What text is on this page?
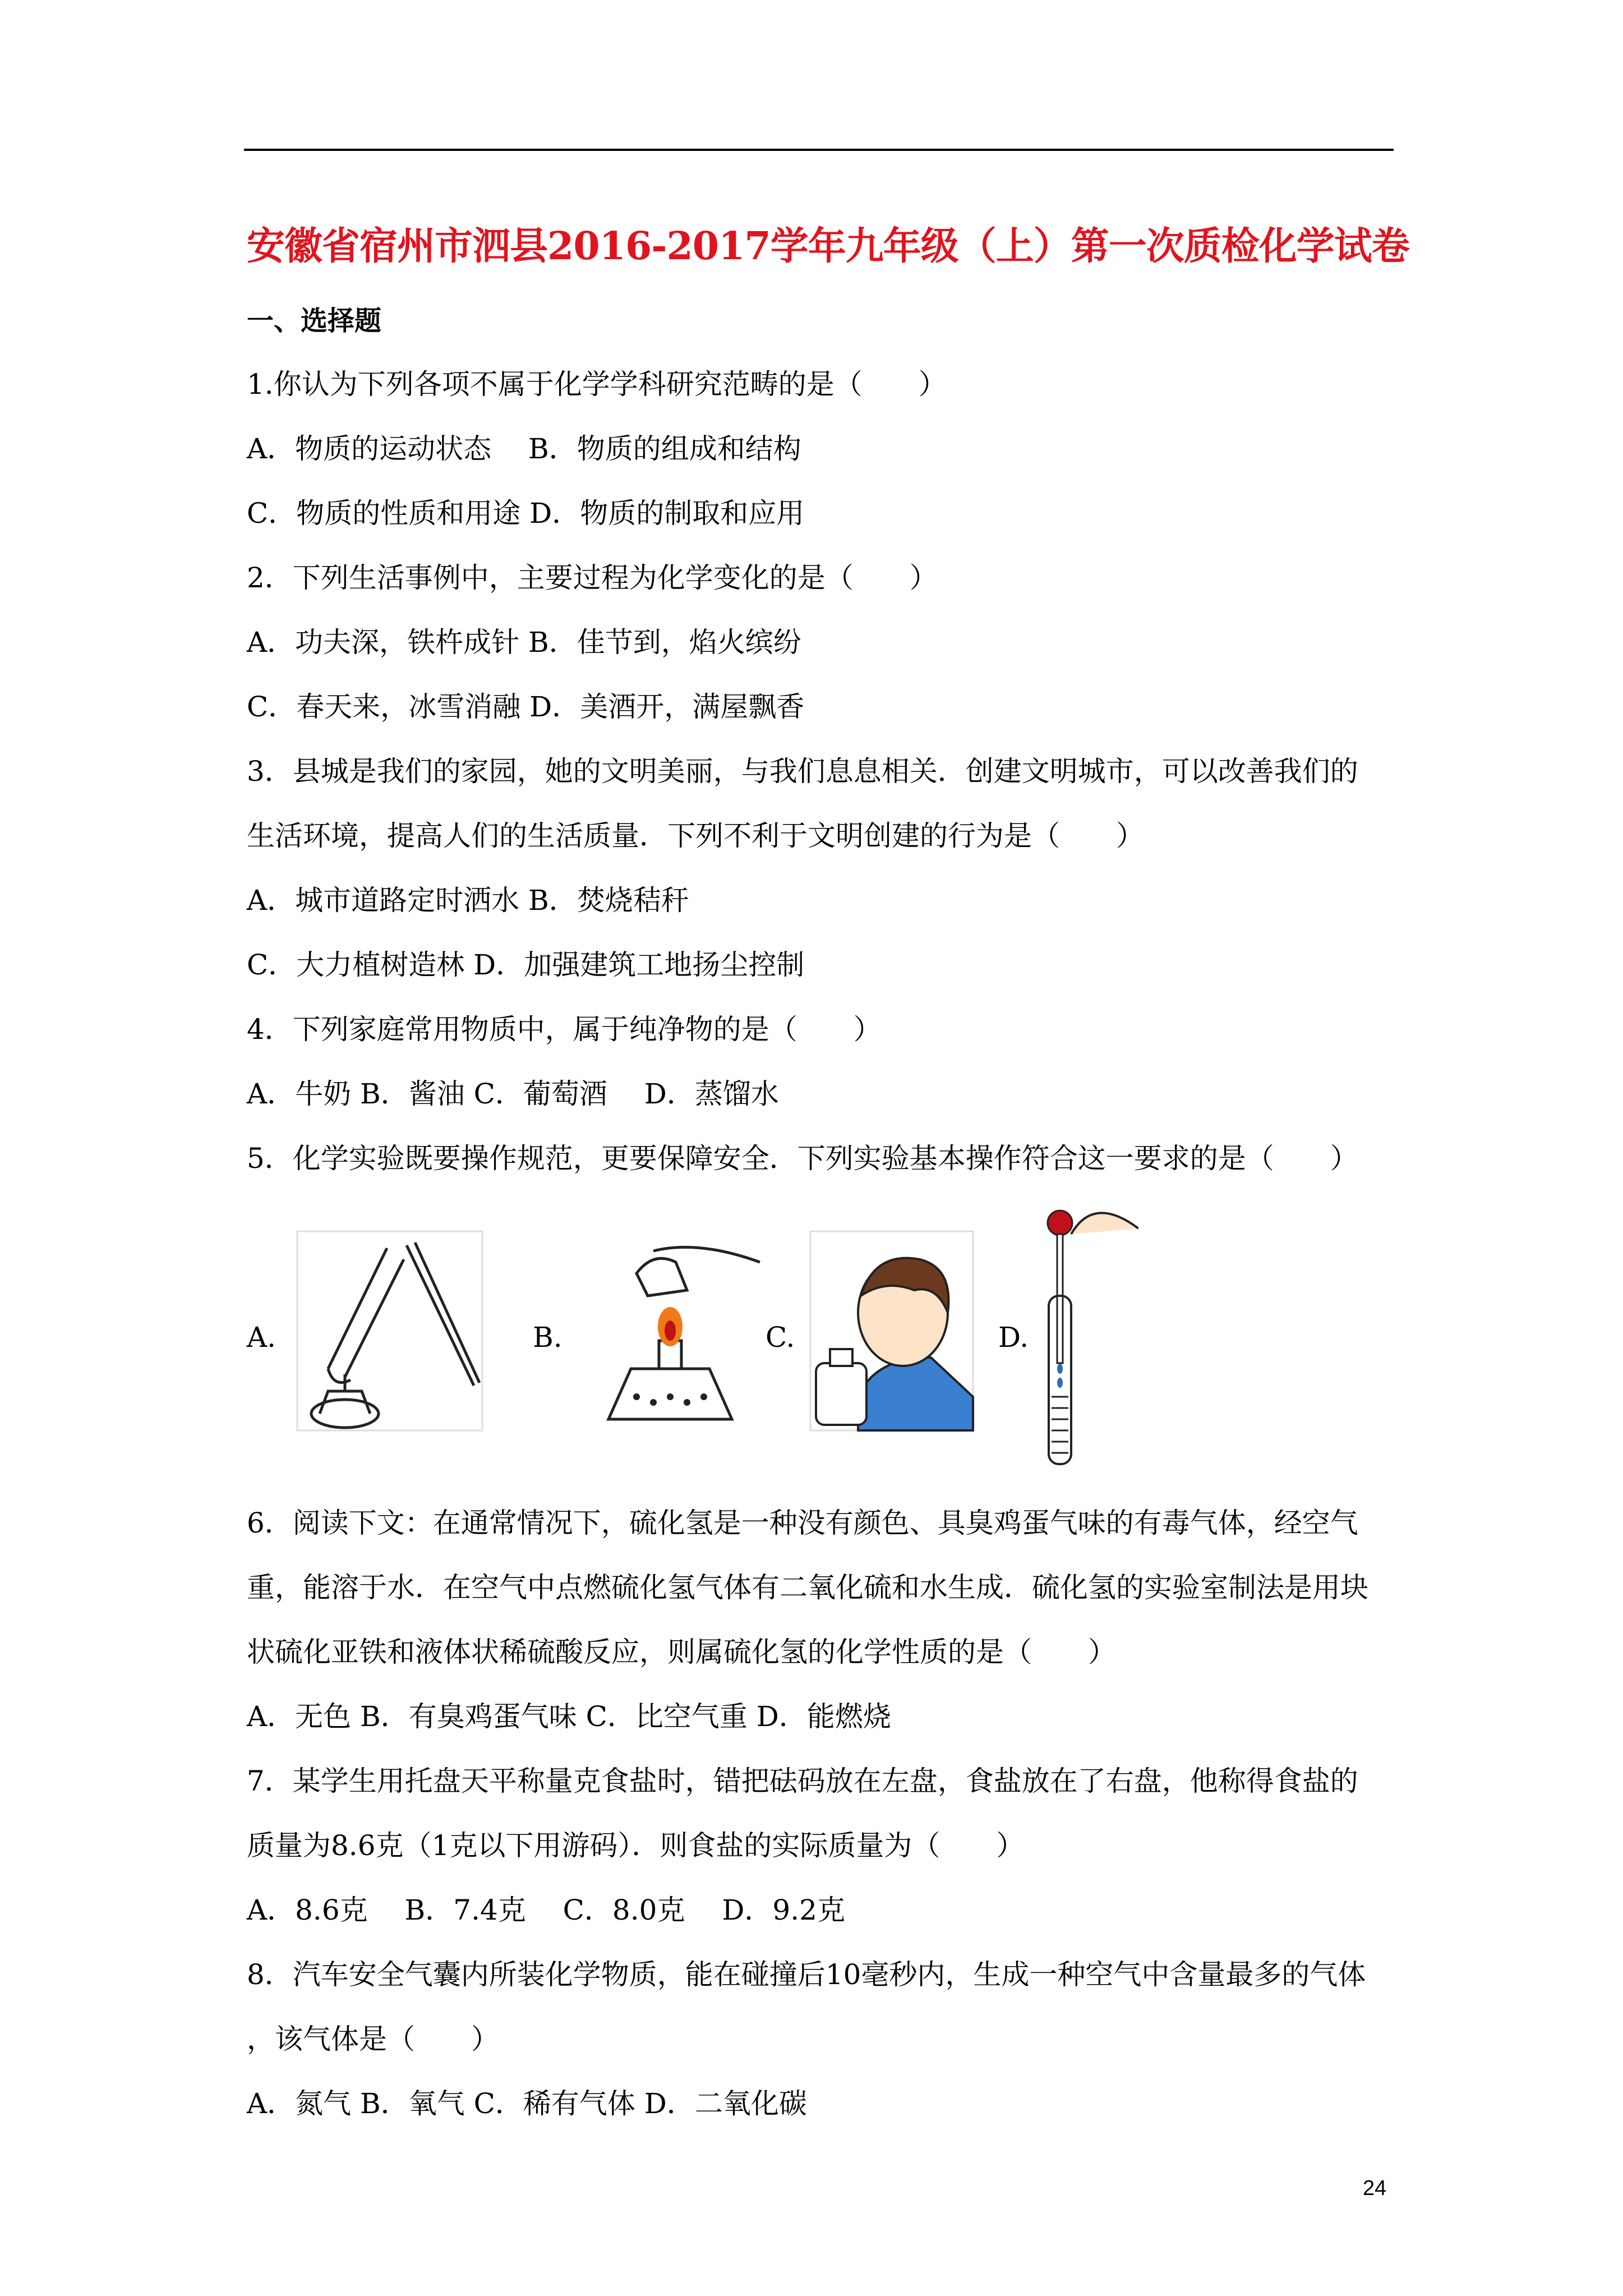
安徽省宿州市泗县2016-2017学年九年级（上）第一次质检化学试卷
一、选择题
1.你认为下列各项不属于化学学科研究范畴的是（　　）
A．物质的运动状态　 B．物质的组成和结构
C．物质的性质和用途 D．物质的制取和应用
2．下列生活事例中，主要过程为化学变化的是（　　）
A．功夫深，铁杵成针 B．佳节到，焰火缤纷
C．春天来，冰雪消融 D．美酒开，满屋飘香
3．县城是我们的家园，她的文明美丽，与我们息息相关．创建文明城市，可以改善我们的
生活环境，提高人们的生活质量．下列不利于文明创建的行为是（　　）
A．城市道路定时洒水 B．焚烧秸秆
C．大力植树造林 D．加强建筑工地扬尘控制
4．下列家庭常用物质中，属于纯净物的是（　　）
A．牛奶 B．酱油 C．葡萄酒　 D．蒸馏水
5．化学实验既要操作规范，更要保障安全．下列实验基本操作符合这一要求的是（　　）
A.	B.	C.	D.
6．阅读下文：在通常情况下，硫化氢是一种没有颜色、具臭鸡蛋气味的有毒气体，经空气
重，能溶于水．在空气中点燃硫化氢气体有二氧化硫和水生成．硫化氢的实验室制法是用块
状硫化亚铁和液体状稀硫酸反应，则属硫化氢的化学性质的是（　　）
A．无色 B．有臭鸡蛋气味 C．比空气重 D．能燃烧
7．某学生用托盘天平称量克食盐时，错把砝码放在左盘，食盐放在了右盘，他称得食盐的
质量为8.6克（1克以下用游码）．则食盐的实际质量为（　　）
A．8.6克　 B．7.4克　 C．8.0克　 D．9.2克
8．汽车安全气囊内所装化学物质，能在碰撞后10毫秒内，生成一种空气中含量最多的气体
，该气体是（　　）
A．氮气 B．氧气 C．稀有气体 D．二氧化碳
24
